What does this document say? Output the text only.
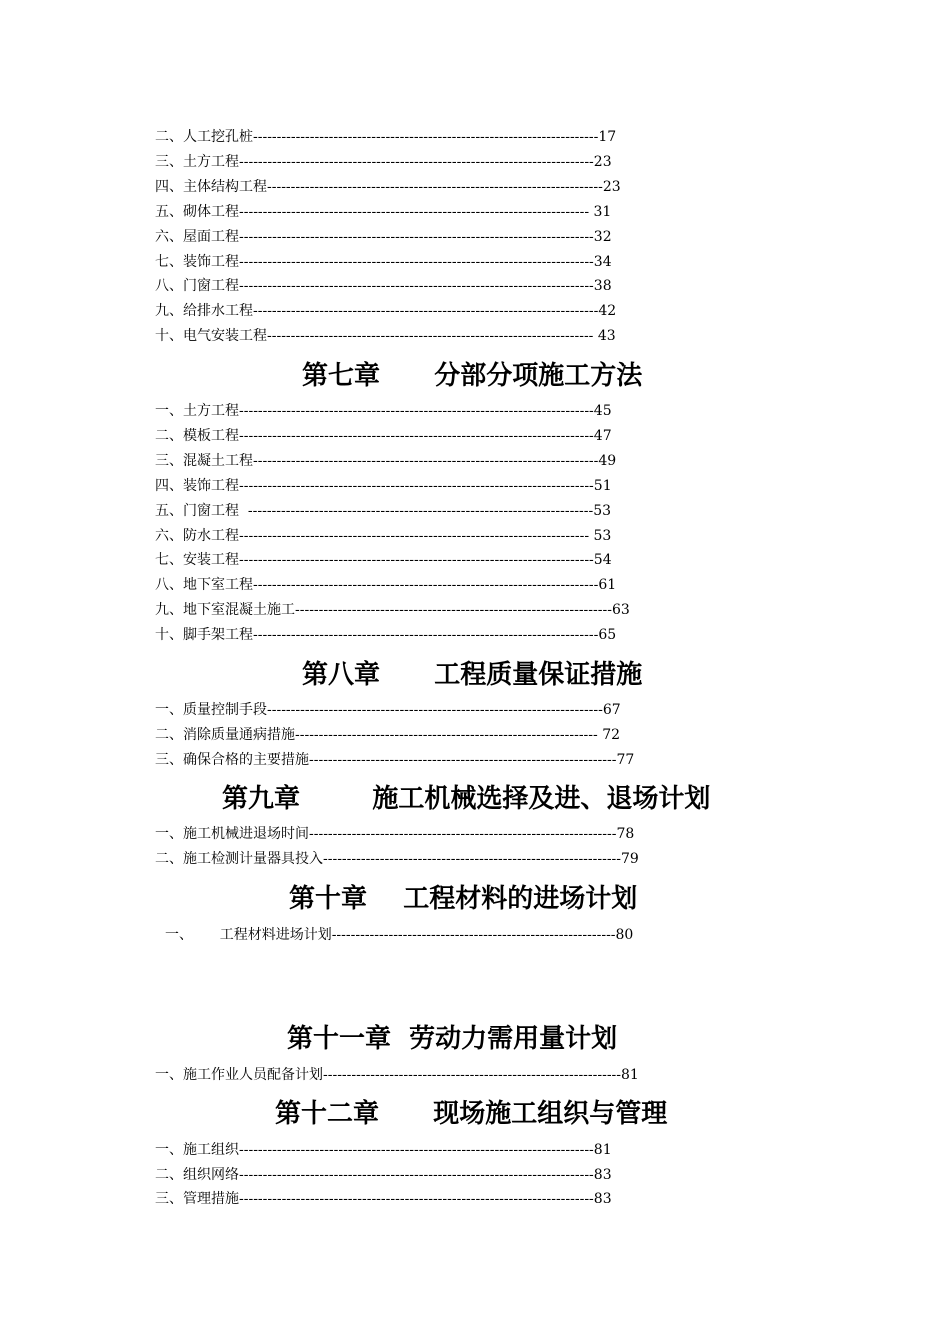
二、人工挖孔桩-------------------------------------------------------------------------17
三、土方工程---------------------------------------------------------------------------23
四、主体结构工程-----------------------------------------------------------------------23
五、砌体工程-------------------------------------------------------------------------- 31
六、屋面工程---------------------------------------------------------------------------32
七、装饰工程---------------------------------------------------------------------------34
八、门窗工程---------------------------------------------------------------------------38
九、给排水工程-------------------------------------------------------------------------42
十、电气安装工程--------------------------------------------------------------------- 43
第七章      分部分项施工方法
一、土方工程---------------------------------------------------------------------------45
二、模板工程---------------------------------------------------------------------------47
三、混凝土工程-------------------------------------------------------------------------49
四、装饰工程---------------------------------------------------------------------------51
五、门窗工程  -------------------------------------------------------------------------53
六、防水工程-------------------------------------------------------------------------- 53
七、安装工程---------------------------------------------------------------------------54
八、地下室工程-------------------------------------------------------------------------61
九、地下室混凝土施工-------------------------------------------------------------------63
十、脚手架工程-------------------------------------------------------------------------65
第八章      工程质量保证措施
一、质量控制手段-----------------------------------------------------------------------67
二、消除质量通病措施---------------------------------------------------------------- 72
三、确保合格的主要措施-----------------------------------------------------------------77
第九章        施工机械选择及进、退场计划
一、施工机械进退场时间-----------------------------------------------------------------78
二、施工检测计量器具投入---------------------------------------------------------------79
第十章    工程材料的进场计划
一、      工程材料进场计划------------------------------------------------------------80
第十一章  劳动力需用量计划
一、施工作业人员配备计划---------------------------------------------------------------81
第十二章      现场施工组织与管理
一、施工组织---------------------------------------------------------------------------81
二、组织网络---------------------------------------------------------------------------83
三、管理措施---------------------------------------------------------------------------83
